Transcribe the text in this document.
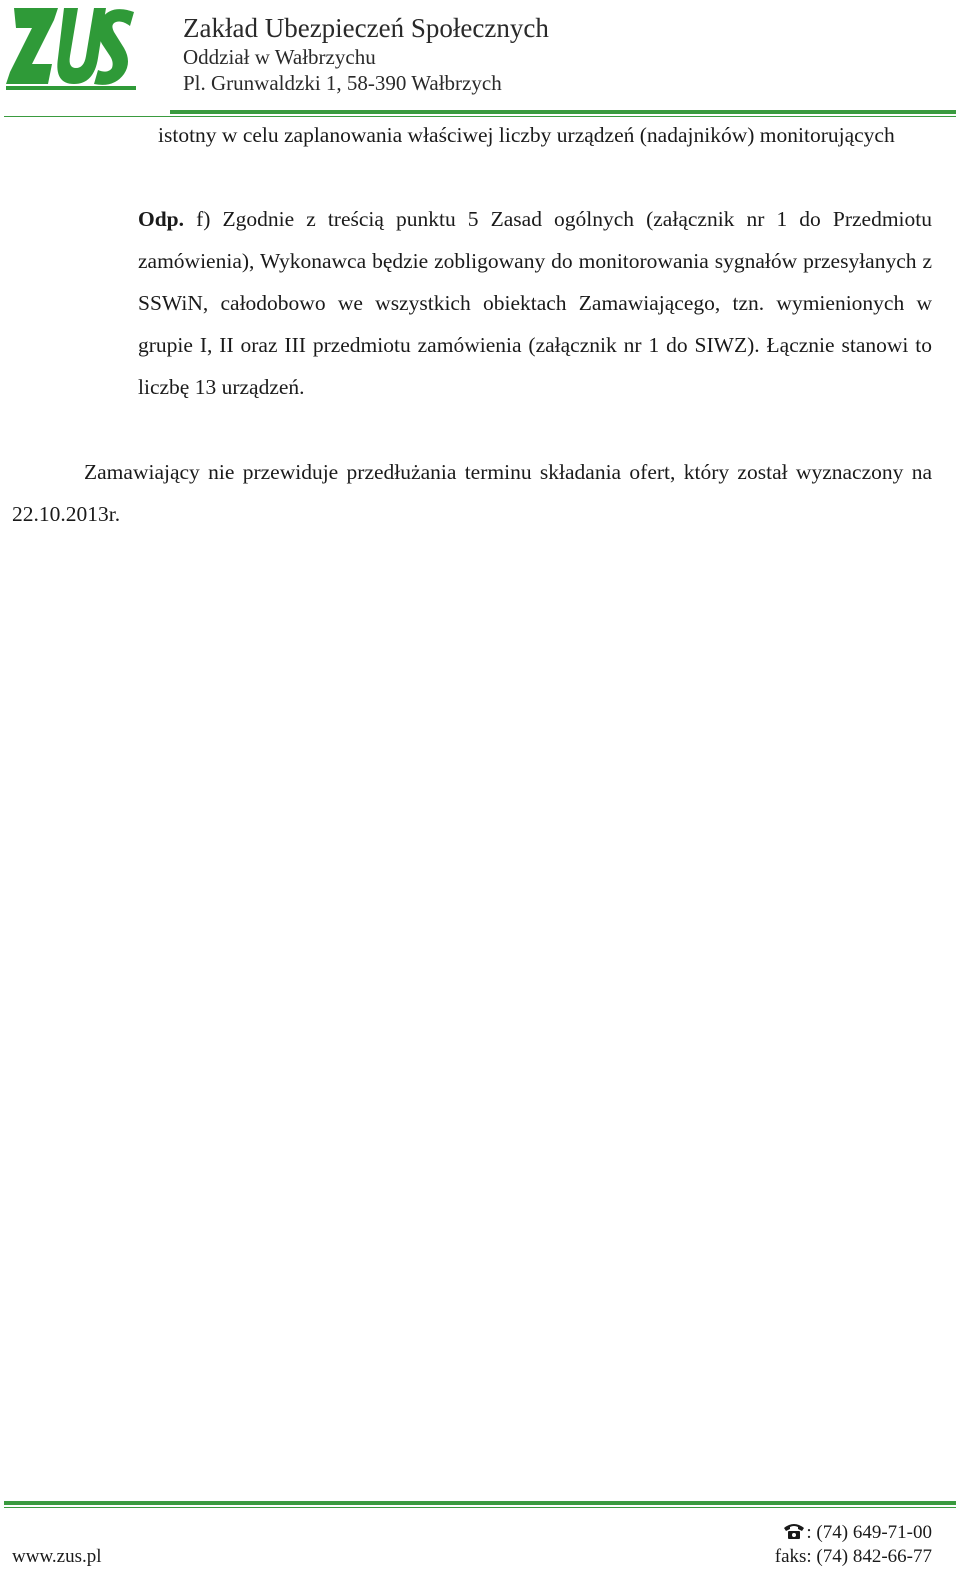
Zakład Ubezpieczeń Społecznych
Oddział w Wałbrzychu
Pl. Grunwaldzki 1, 58-390 Wałbrzych
istotny w celu zaplanowania właściwej liczby urządzeń (nadajników) monitorujących
Odp. f) Zgodnie z treścią punktu 5 Zasad ogólnych (załącznik nr 1 do Przedmiotu zamówienia), Wykonawca będzie zobligowany do monitorowania sygnałów przesyłanych z SSWiN, całodobowo we wszystkich obiektach Zamawiającego, tzn. wymienionych w grupie I, II oraz III przedmiotu zamówienia (załącznik nr 1 do SIWZ). Łącznie stanowi to liczbę 13 urządzeń.
Zamawiający nie przewiduje przedłużania terminu składania ofert, który został wyznaczony na 22.10.2013r.
www.zus.pl
: (74) 649-71-00
faks: (74) 842-66-77
